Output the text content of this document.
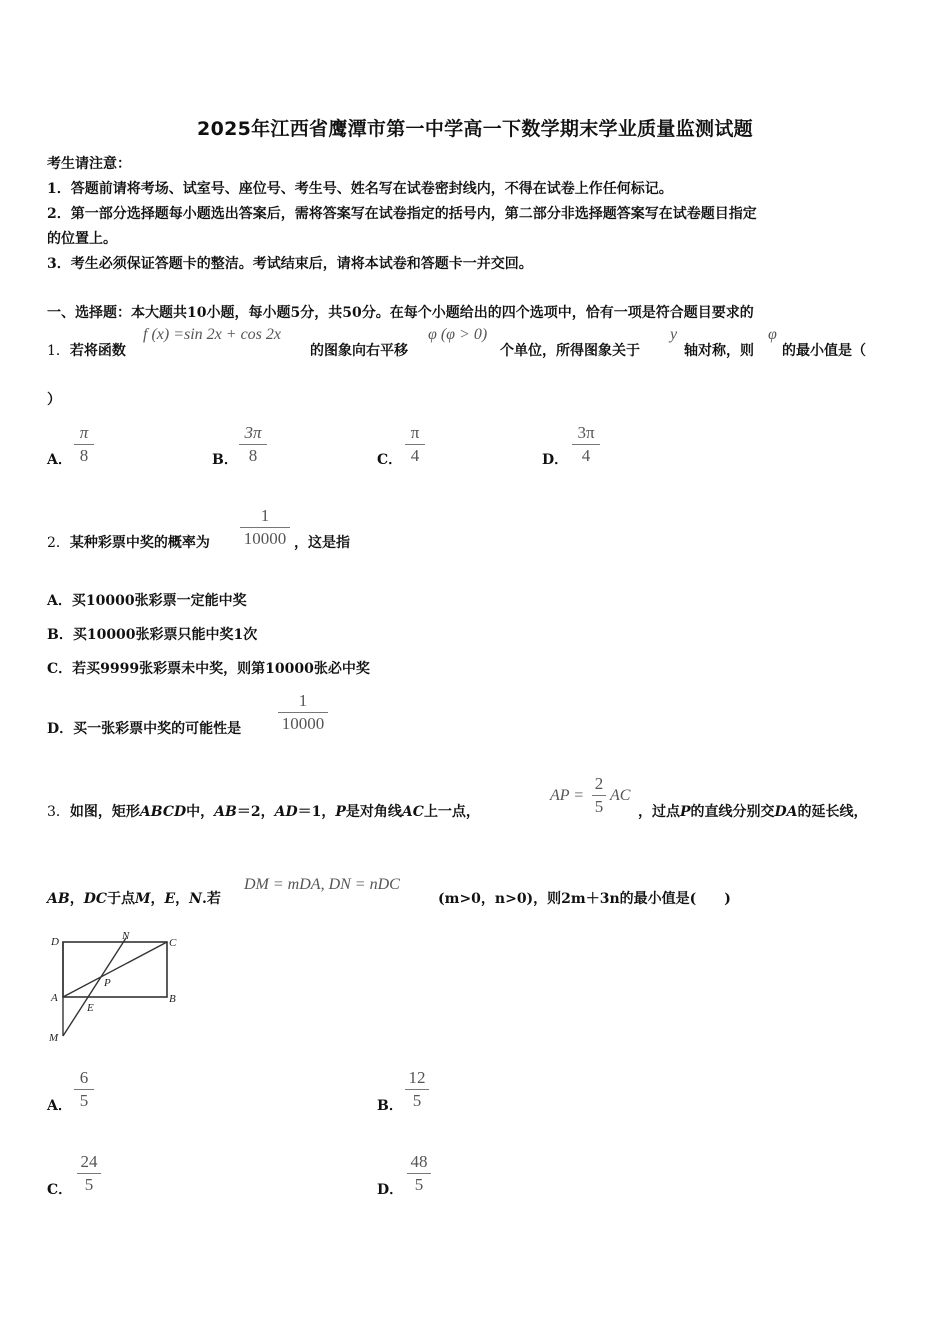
2025年江西省鹰潭市第一中学高一下数学期末学业质量监测试题
考生请注意：
1．答题前请将考场、试室号、座位号、考生号、姓名写在试卷密封线内，不得在试卷上作任何标记。
2．第一部分选择题每小题选出答案后，需将答案写在试卷指定的括号内，第二部分非选择题答案写在试卷题目指定
的位置上。
3．考生必须保证答题卡的整洁。考试结束后，请将本试卷和答题卡一并交回。
一、选择题：本大题共10小题，每小题5分，共50分。在每个小题给出的四个选项中，恰有一项是符合题目要求的
1．若将函数
f (x) =sin 2x + cos 2x
的图象向右平移
φ (φ > 0)
个单位，所得图象关于
y
轴对称，则
φ
的最小值是（
）
A．
π
8	B．
3π
8	C．
π
4	D．
3π
4
2．某种彩票中奖的概率为
1
10000 ，这是指
A．买10000张彩票一定能中奖
B．买10000张彩票只能中奖1次
C．若买9999张彩票未中奖，则第10000张必中奖
D．买一张彩票中奖的可能性是
1
10000
3．如图，矩形ABCD中，AB＝2，AD＝1，P是对角线AC上一点，
AP =
2
5
AC
，过点P的直线分别交DA的延长线，
AB，DC于点M，E，N.若
DM = mDA, DN = nDC
(m>0，n>0)，则2m＋3n的最小值是(　　)
D	N
C
P
A
E
B
M
A．
6
5	B．
12
5
C．
24
5	D．
48
5
